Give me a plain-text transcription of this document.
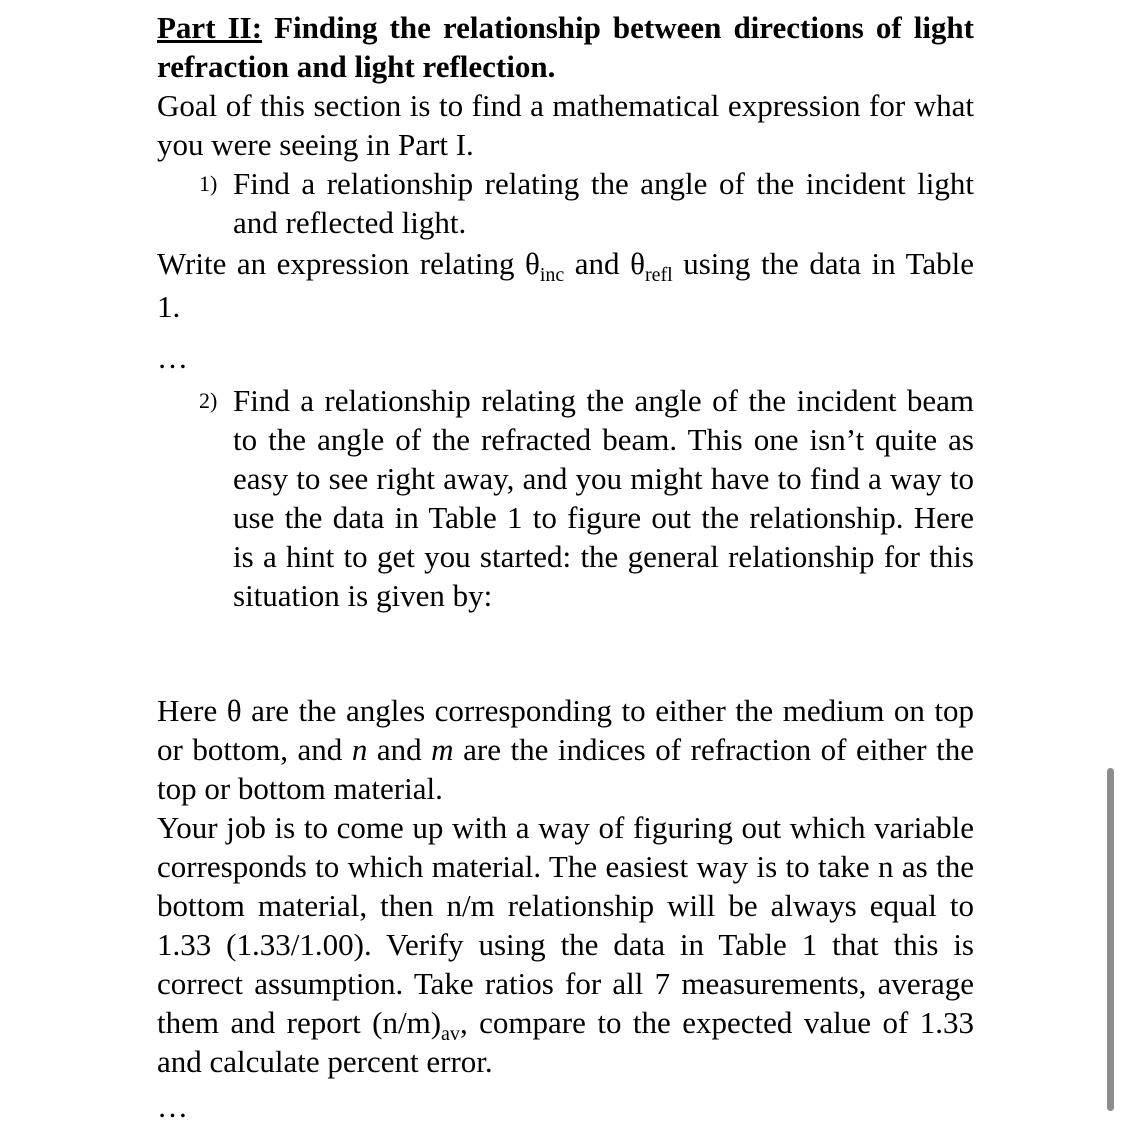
Part II: Finding the relationship between directions of light refraction and light reflection.

Goal of this section is to find a mathematical expression for what you were seeing in Part I.

1) Find a relationship relating the angle of the incident light and reflected light.

Write an expression relating $\theta_{inc}$ and $\theta_{refl}$ using the data in Table 1.

…

2) Find a relationship relating the angle of the incident beam to the angle of the refracted beam. This one isn’t quite as easy to see right away, and you might have to find a way to use the data in Table 1 to figure out the relationship. Here is a hint to get you started: the general relationship for this situation is given by:

Here θ are the angles corresponding to either the medium on top or bottom, and n and m are the indices of refraction of either the top or bottom material.

Your job is to come up with a way of figuring out which variable corresponds to which material. The easiest way is to take n as the bottom material, then n/m relationship will be always equal to 1.33 (1.33/1.00). Verify using the data in Table 1 that this is correct assumption. Take ratios for all 7 measurements, average them and report $(n/m)_{av}$, compare to the expected value of 1.33 and calculate percent error.

…
